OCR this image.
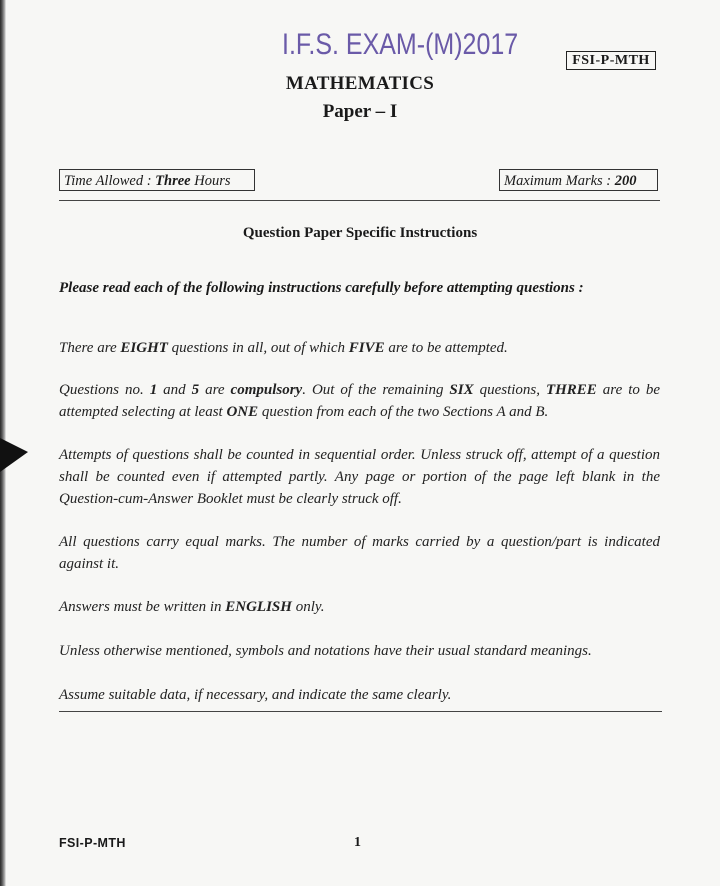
I.F.S. EXAM-(M)2017	FSI-P-MTH
MATHEMATICS
Paper – I
Time Allowed : Three Hours	Maximum Marks : 200
Question Paper Specific Instructions
Please read each of the following instructions carefully before attempting questions :
There are EIGHT questions in all, out of which FIVE are to be attempted.
Questions no. 1 and 5 are compulsory. Out of the remaining SIX questions, THREE are to be attempted selecting at least ONE question from each of the two Sections A and B.
Attempts of questions shall be counted in sequential order. Unless struck off, attempt of a question shall be counted even if attempted partly. Any page or portion of the page left blank in the Question-cum-Answer Booklet must be clearly struck off.
All questions carry equal marks. The number of marks carried by a question/part is indicated against it.
Answers must be written in ENGLISH only.
Unless otherwise mentioned, symbols and notations have their usual standard meanings.
Assume suitable data, if necessary, and indicate the same clearly.
FSI-P-MTH	1
